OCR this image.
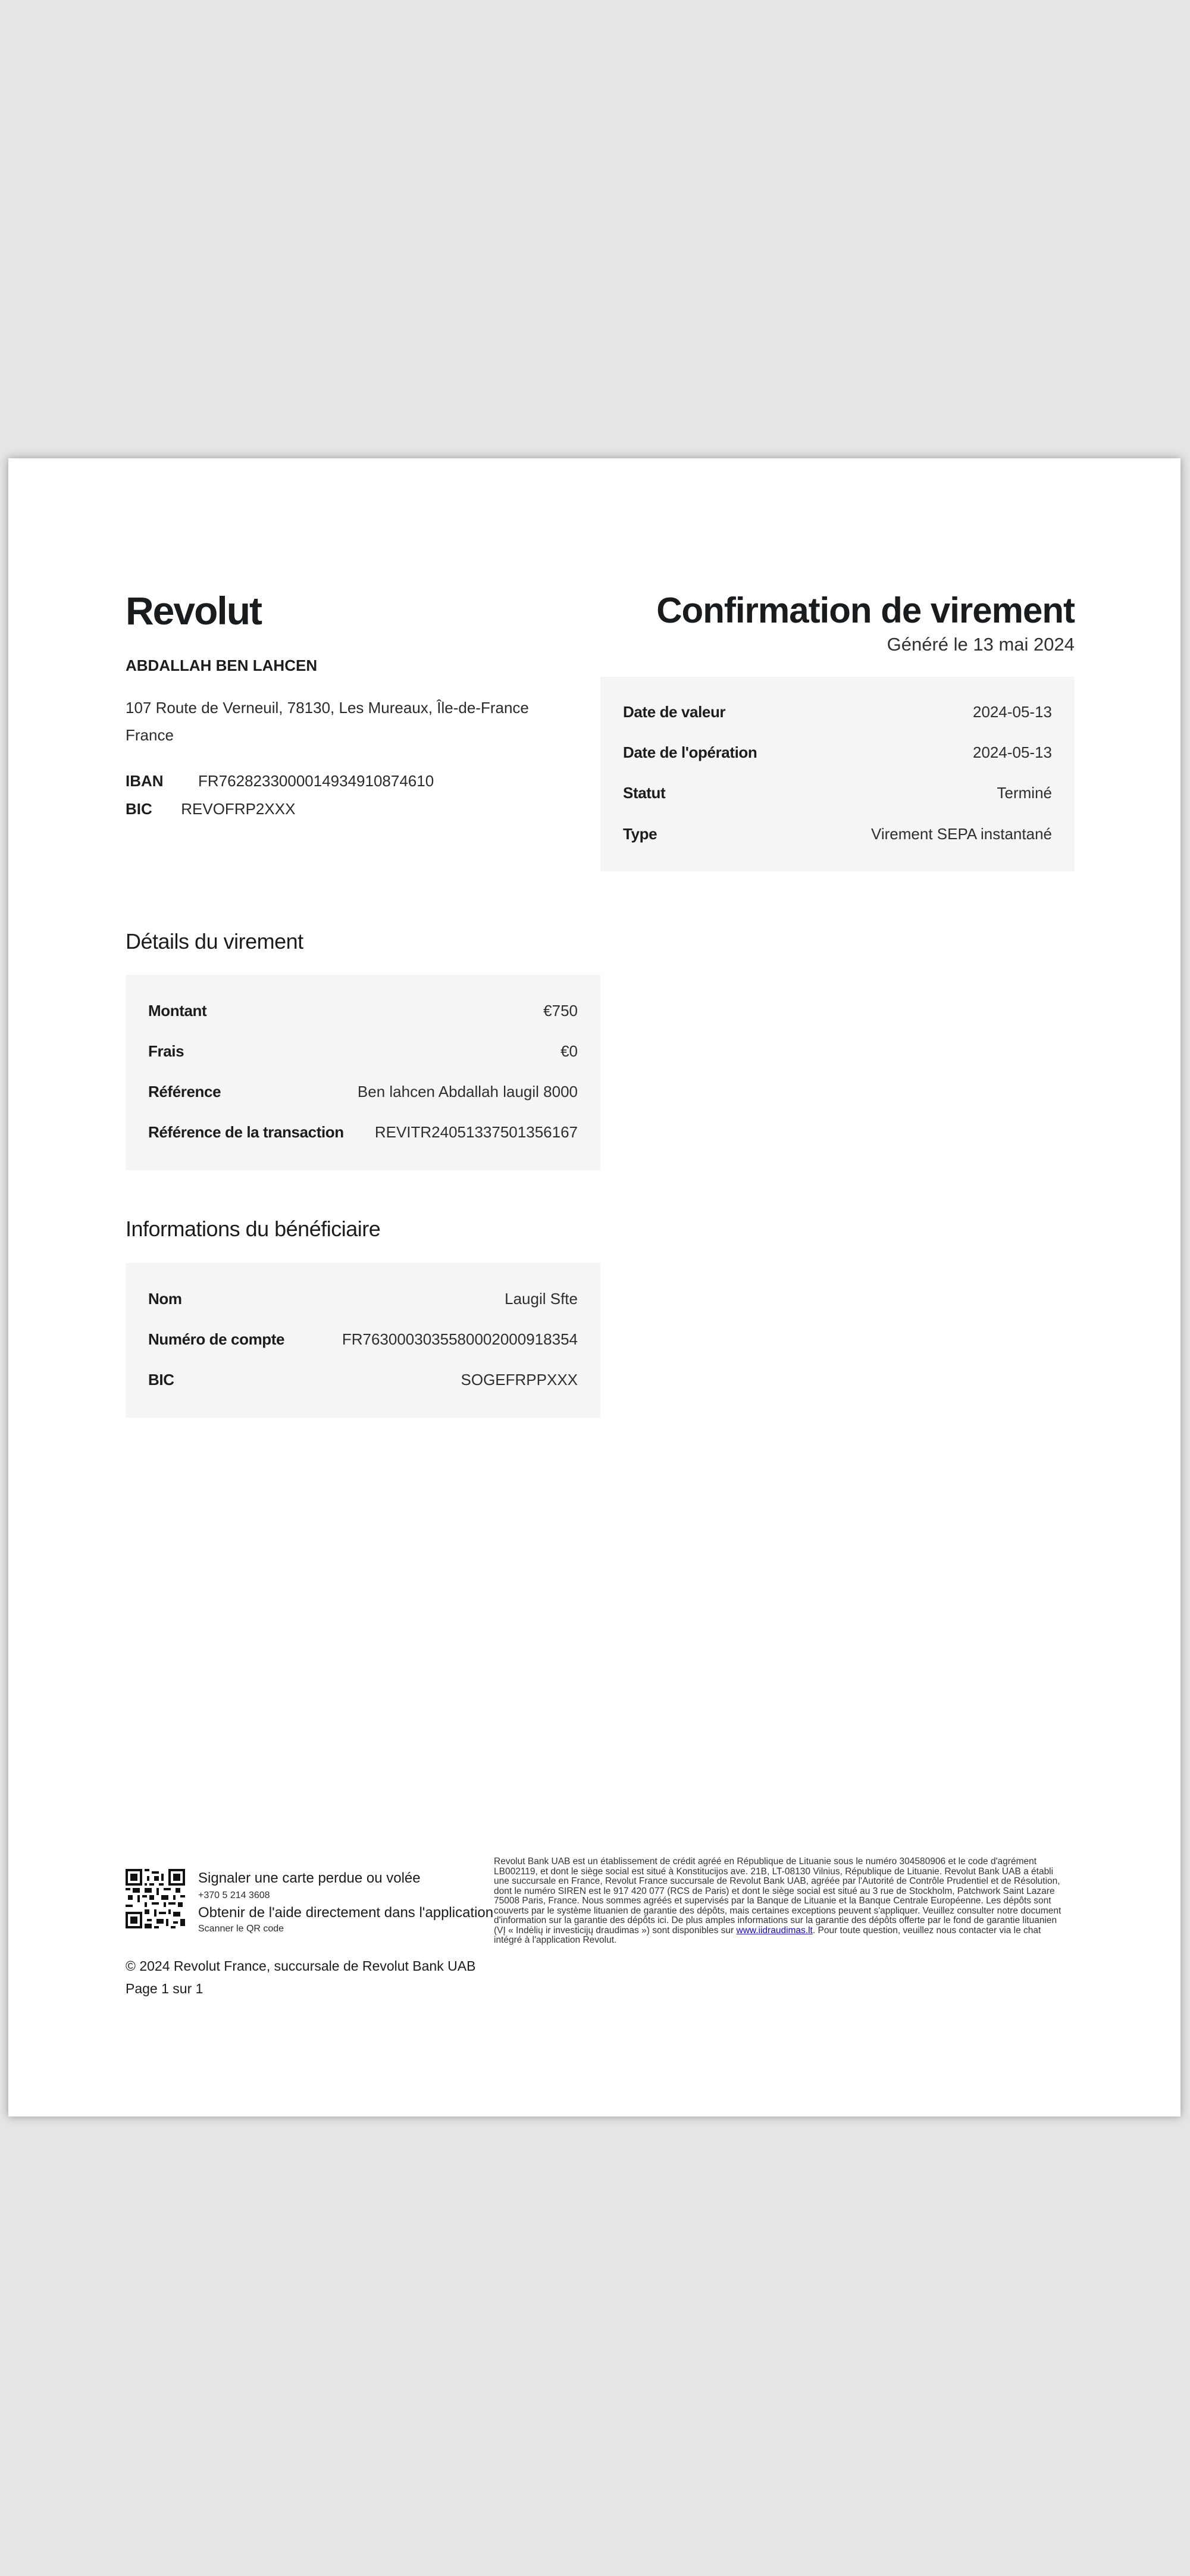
Revolut	Confirmation de virement
Généré le 13 mai 2024
ABDALLAH BEN LAHCEN
107 Route de Verneuil, 78130, Les Mureaux, Île-de-France
France
IBAN FR7628233000014934910874610
BIC REVOFRP2XXX
Date de valeur	2024-05-13
Date de l'opération	2024-05-13
Statut	Terminé
Type	Virement SEPA instantané
Détails du virement
Montant	€750
Frais	€0
Référence	Ben lahcen Abdallah laugil 8000
Référence de la transaction REVITR24051337501356167
Informations du bénéficiaire
Nom	Laugil Sfte
Numéro de compte	FR7630003035580002000918354
BIC	SOGEFRPPXXX
Signaler une carte perdue ou volée
+370 5 214 3608
Obtenir de l'aide directement dans l'application
Scanner le QR code
Revolut Bank UAB est un établissement de crédit agréé en République de Lituanie sous le numéro 304580906 et le code d'agrément LB002119, et dont le siège social est situé à Konstitucijos ave. 21B, LT-08130 Vilnius, République de Lituanie. Revolut Bank UAB a établi une succursale en France, Revolut France succursale de Revolut Bank UAB, agréée par l'Autorité de Contrôle Prudentiel et de Résolution, dont le numéro SIREN est le 917 420 077 (RCS de Paris) et dont le siège social est situé au 3 rue de Stockholm, Patchwork Saint Lazare 75008 Paris, France. Nous sommes agréés et supervisés par la Banque de Lituanie et la Banque Centrale Européenne. Les dépôts sont couverts par le système lituanien de garantie des dépôts, mais certaines exceptions peuvent s'appliquer. Veuillez consulter notre document d'information sur la garantie des dépôts ici. De plus amples informations sur la garantie des dépôts offerte par le fond de garantie lituanien (VĮ « Indėlių ir investicijų draudimas ») sont disponibles sur www.iidraudimas.lt. Pour toute question, veuillez nous contacter via le chat intégré à l'application Revolut.
© 2024 Revolut France, succursale de Revolut Bank UAB
Page 1 sur 1
